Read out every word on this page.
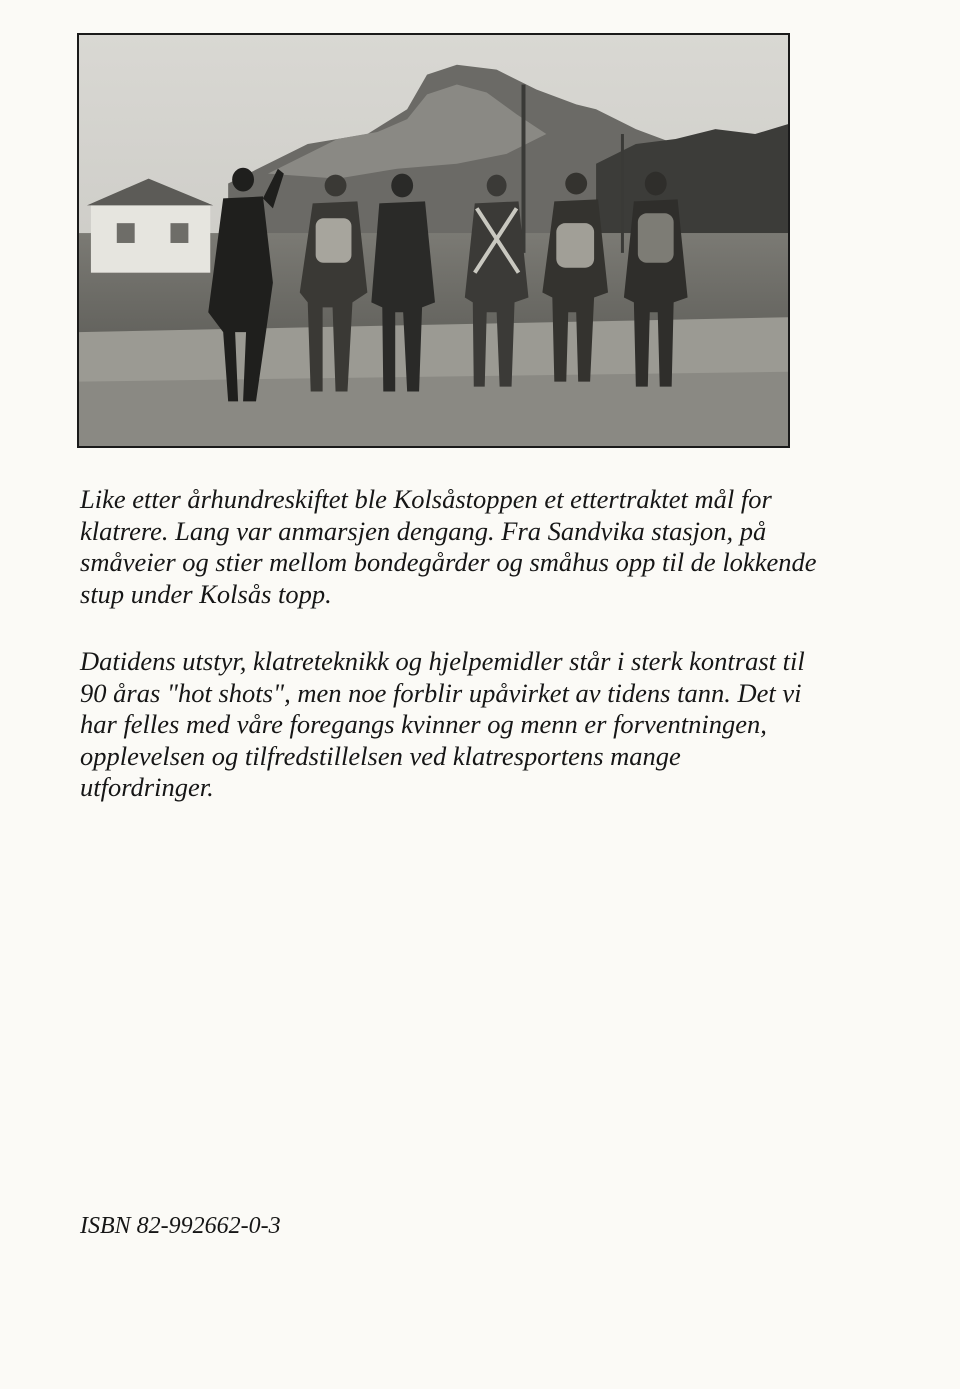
Like etter århundreskiftet ble Kolsåstoppen et ettertraktet mål for klatrere. Lang var anmarsjen dengang. Fra Sandvika stasjon, på småveier og stier mellom bondegårder og småhus opp til de lokkende stup under Kolsås topp.

Datidens utstyr, klatreteknikk og hjelpemidler står i sterk kontrast til 90 åras "hot shots", men noe forblir upåvirket av tidens tann. Det vi har felles med våre foregangs kvinner og menn er forventningen, opplevelsen og tilfredstillelsen ved klatresportens mange utfordringer.

ISBN 82-992662-0-3
